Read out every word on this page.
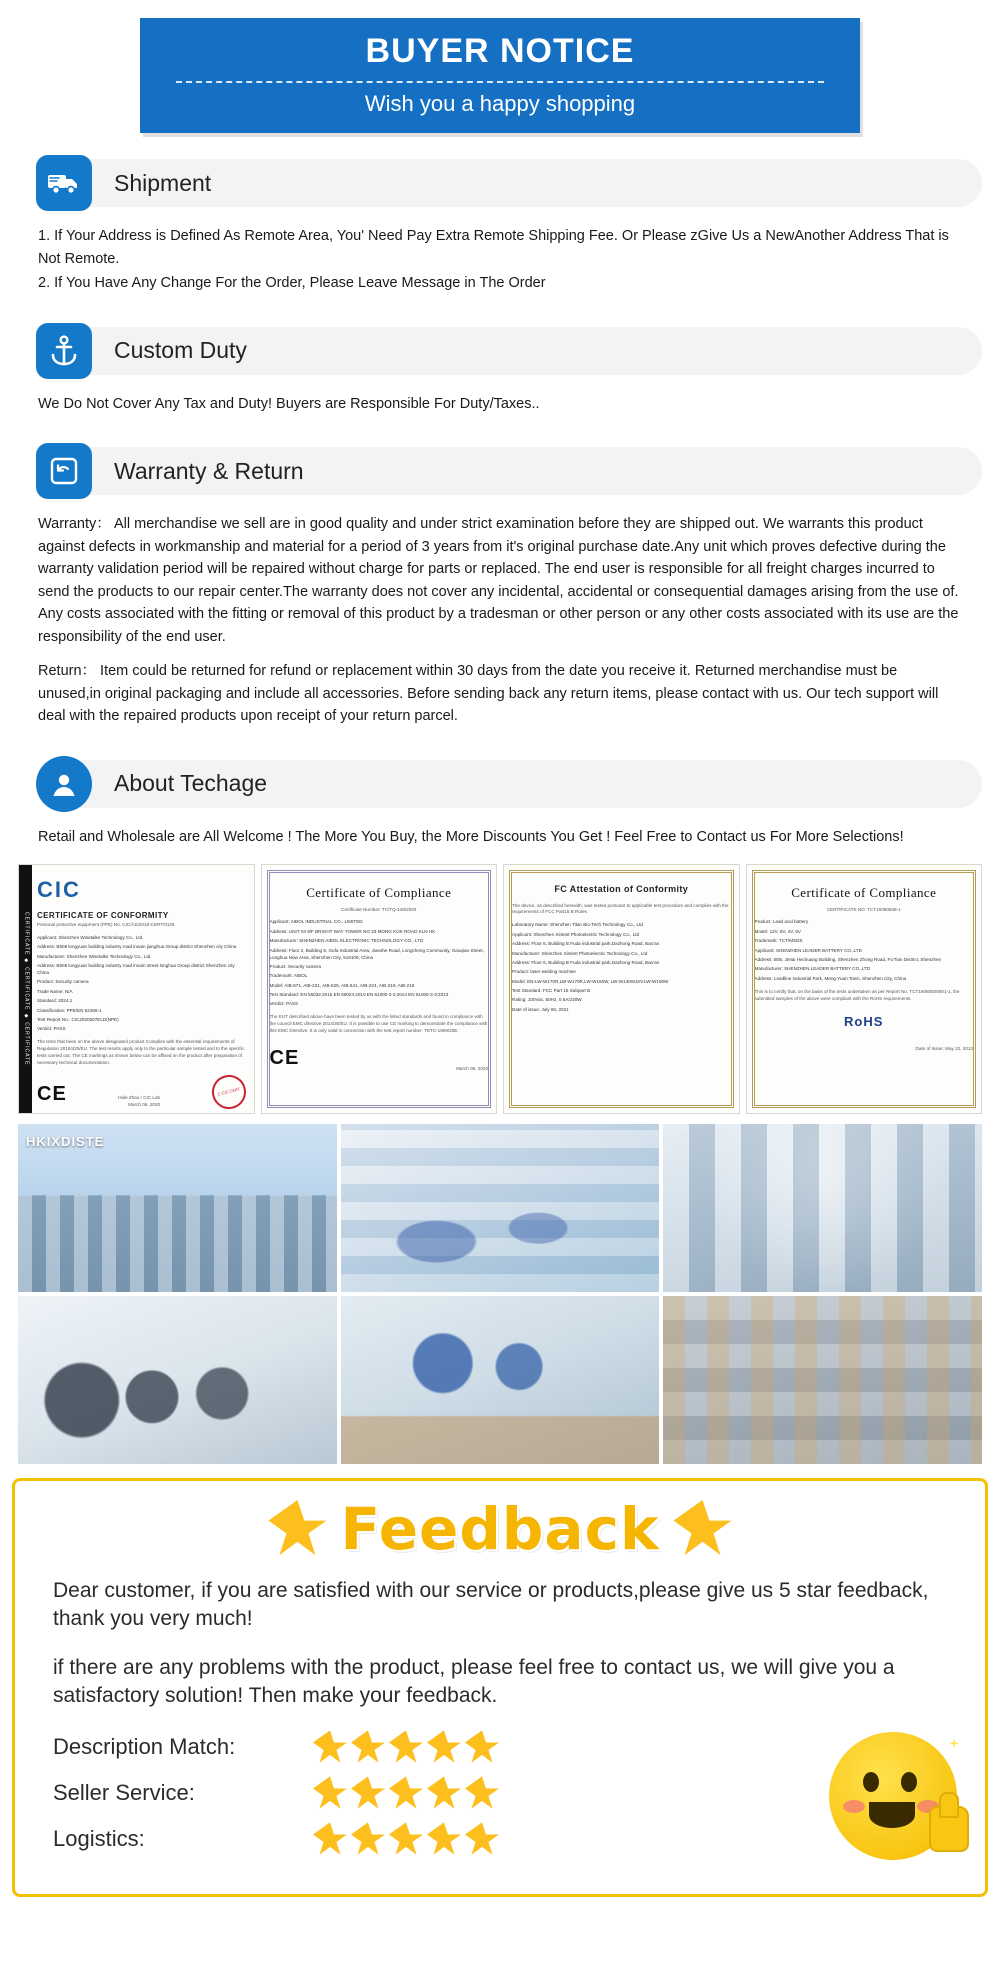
BUYER NOTICE
Wish you a happy shopping
Shipment

1. If Your Address is Defined As Remote Area, You' Need Pay Extra Remote Shipping Fee. Or Please zGive Us a NewAnother Address That is Not Remote.

2. If You Have Any Change For the Order, Please Leave Message in The Order

Custom Duty

We Do Not Cover Any Tax and Duty! Buyers are Responsible For Duty/Taxes..

Warranty & Return

Warranty： All merchandise we sell are in good quality and under strict examination before they are shipped out. We warrants this product against defects in workmanship and material for a period of 3 years from it's original purchase date.Any unit which proves defective during the warranty validation period will be repaired without charge for parts or replaced. The end user is responsible for all freight charges incurred to send the products to our repair center.The warranty does not cover any incidental, accidental or consequential damages arising from the use of. Any costs associated with the fitting or removal of this product by a tradesman or other person or any other costs associated with its use are the responsibility of the end user.

Return： Item could be returned for refund or replacement within 30 days from the date you receive it. Returned merchandise must be unused,in original packaging and include all accessories. Before sending back any return items, please contact with us. Our tech support will deal with the repaired products upon receipt of your return parcel.

About Techage

Retail and Wholesale are All Welcome ! The More You Buy, the More Discounts You Get ! Feel Free to Contact us For More Selections!

CERTIFICATE ◆ CERTIFICATE ◆ CERTIFICATE
CIC
CERTIFICATE OF CONFORMITY
Personal protective equipment (PPE) No. CIC/AS/2018-CERT/0125
Applicant: Shenzhen Wisetalke Technology Co., Ltd.
Address: B508 longyuan building industry road innain jianghua Group district Shenzhen city China
Manufacturer: Shenzhen Wisetalke Technology Co., Ltd.
Address: B508 longyuan building industry road innain street longhua Group district Shenzhen city China
Product: Security camera
Trade Name: N/A
Standard: 2024.1
Classification: PPE/EN 62368-1
Test Report No.: CIC2020507ELD(NPE)
Verdict: PASS
The tests that been on the above designated product Complies with the essential requirements of Regulation 2016/425/EU. The test results apply only to the particular sample tested and to the specific tests carried out. The CE markings as shown below can be affixed on the product after preparation of necessary technical documentation.
CE	Hide Zhao / CIC Lab
March 06, 2020
C·CIC CERT
Certificate of Compliance
Certificate Number: TC/TQ-149/2020
Applicant: AIBOL INDUSTRIAL CO., LIMITED
Address: UNIT 04 9/F BRIGHT WAY TOWER NO 33 MONG KOK ROAD KLN HK
Manufacturer: SHENZHEN AIBOL ELECTRONIC TECHNOLOGY CO., LTD
Address: Floor 2, Building 5, Gufa Industrial Area, Jianshe Road, Longcheng Community, Gaoqiao Street, Longhua New Area, Shenzhen City, 518109, China
Product: Security camera
Trademark: AIBOL
Model: AIB-671, AIB-221, AIB-625, AIB-641, AIB-224, AIB-218, AIB-219
Test Standard: EN 55032:2015 EN 55024:2010 EN 61000-3-2:2014 EN 61000-3-3:2013
Verdict: PASS
The EUT described above have been tested by us with the listed standards and found in compliance with the council EMC directive 2014/30/EU. It is possible to use CE marking to demonstrate the compliance with this EMC Directive. It is only valid in connection with the test report number: TETC-1908/20E.
CE	March 06, 2020
FC Attestation of Conformity
The device, as described herewith, was tested pursuant to applicable test procedure and complies with the requirements of FCC Part15 B Rules
Laboratory Name: Shenzhen Titan Bio-Tech Technology Co., Ltd
Applicant: Shenzhen Xintest Photoelectric Technology Co., Ltd
Address: Floor 6, Building B Fuda industrial park,Dazhong Road, Bao'an
Manufacturer: Shenzhen Xintest Photoelectric Technology Co., Ltd
Address: Floor 6, Building B Fuda industrial park,Dazhong Road, Bao'an
Product: laser welding machine
Model: EN-LW-W170R,LW-W170R,LW-W150W, LW-W130W,EN-LW-W150W
Test Standard: FCC Part 15 Subpart B
Rating: 100Vac, 50Hz, 0.6A/230W
Date of issue: July 06, 2021
Certificate of Compliance
CERTIFICATE NO: TCT16080508-1
Product: Lead acid battery
Model: 12V, 5V, 4V, 6V
Trademark: TCT/MSDS
Applicant: SHENZHEN LEADER BATTERY CO.,LTD
Address: B05, Jietai Hechuang Building, Shenzhen Zhong Road, Fu'Tian District, Shenzhen
Manufacturer: SHENZHEN LEADER BATTERY CO.,LTD
Address: Leadline Industrial Park, Meng Yuan Town, Shenzhen City, China
This is to certify that, on the basis of the tests undertaken as per Report No. TCT16080508001-1, the submitted samples of the above were compliant with the RoHS requirements.
RoHS
Date of Issue: May 22, 2013
HKIXDISTE
Feedback
Dear customer, if you are satisfied with our service or products,please give us 5 star feedback, thank you very much!
if there are any problems with the product, please feel free to contact us, we will give you a satisfactory solution! Then make your feedback.
Description Match:
Seller Service:
Logistics:
